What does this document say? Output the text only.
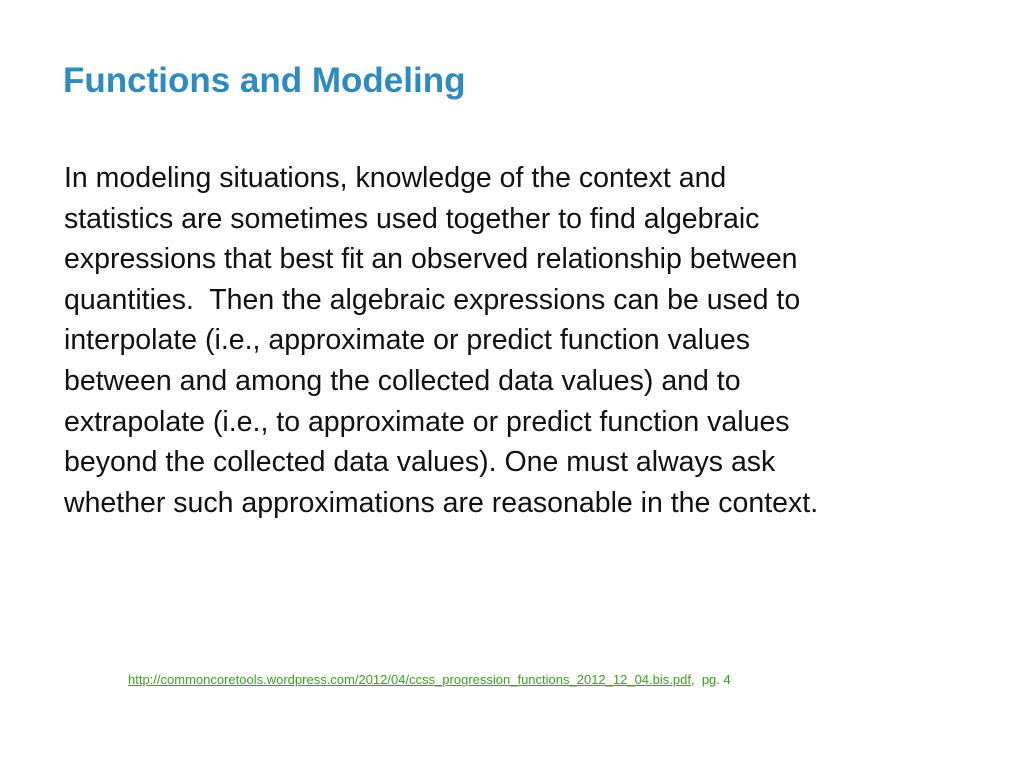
Functions and Modeling
In modeling situations, knowledge of the context and
statistics are sometimes used together to find algebraic
expressions that best fit an observed relationship between
quantities.  Then the algebraic expressions can be used to
interpolate (i.e., approximate or predict function values
between and among the collected data values) and to
extrapolate (i.e., to approximate or predict function values
beyond the collected data values). One must always ask
whether such approximations are reasonable in the context.
http://commoncoretools.wordpress.com/2012/04/ccss_progression_functions_2012_12_04.bis.pdf, pg. 4
